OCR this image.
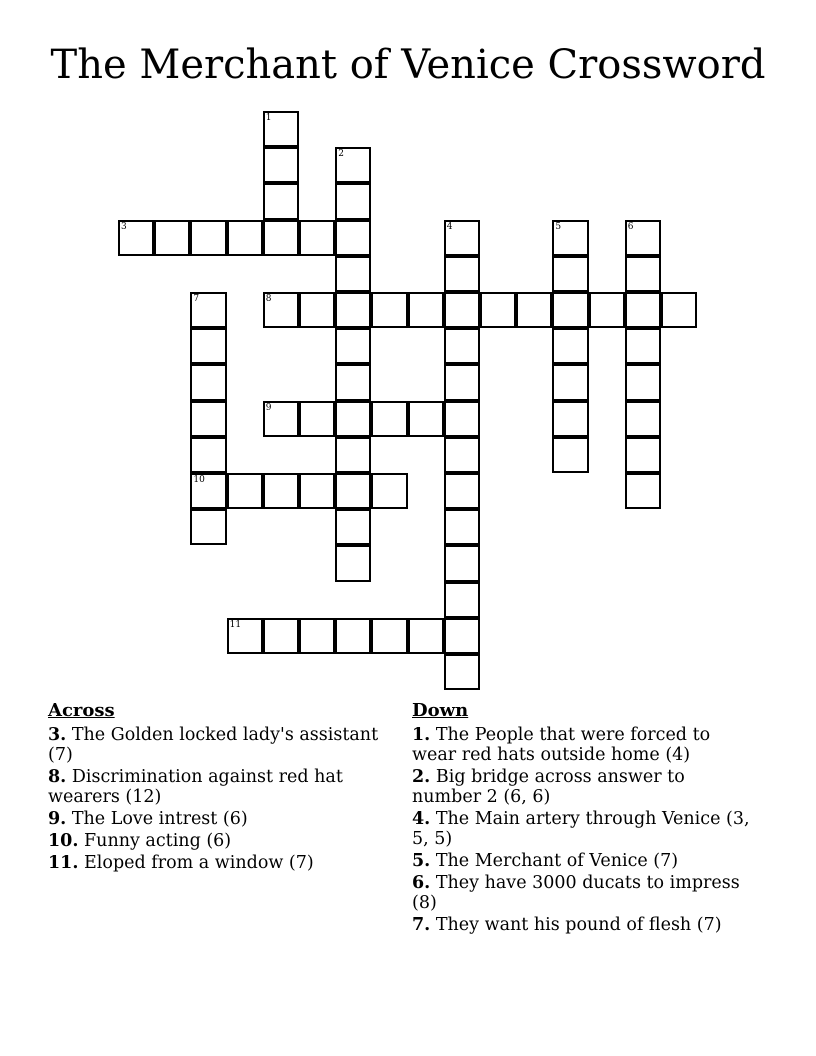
The Merchant of Venice Crossword
1
2
3	4	5	6
7	8
9
10
11
Across
3. The Golden locked lady's assistant (7)
8. Discrimination against red hat wearers (12)
9. The Love intrest (6)
10. Funny acting (6)
11. Eloped from a window (7)
Down
1. The People that were forced to wear red hats outside home (4)
2. Big bridge across answer to number 2 (6, 6)
4. The Main artery through Venice (3, 5, 5)
5. The Merchant of Venice (7)
6. They have 3000 ducats to impress (8)
7. They want his pound of flesh (7)
